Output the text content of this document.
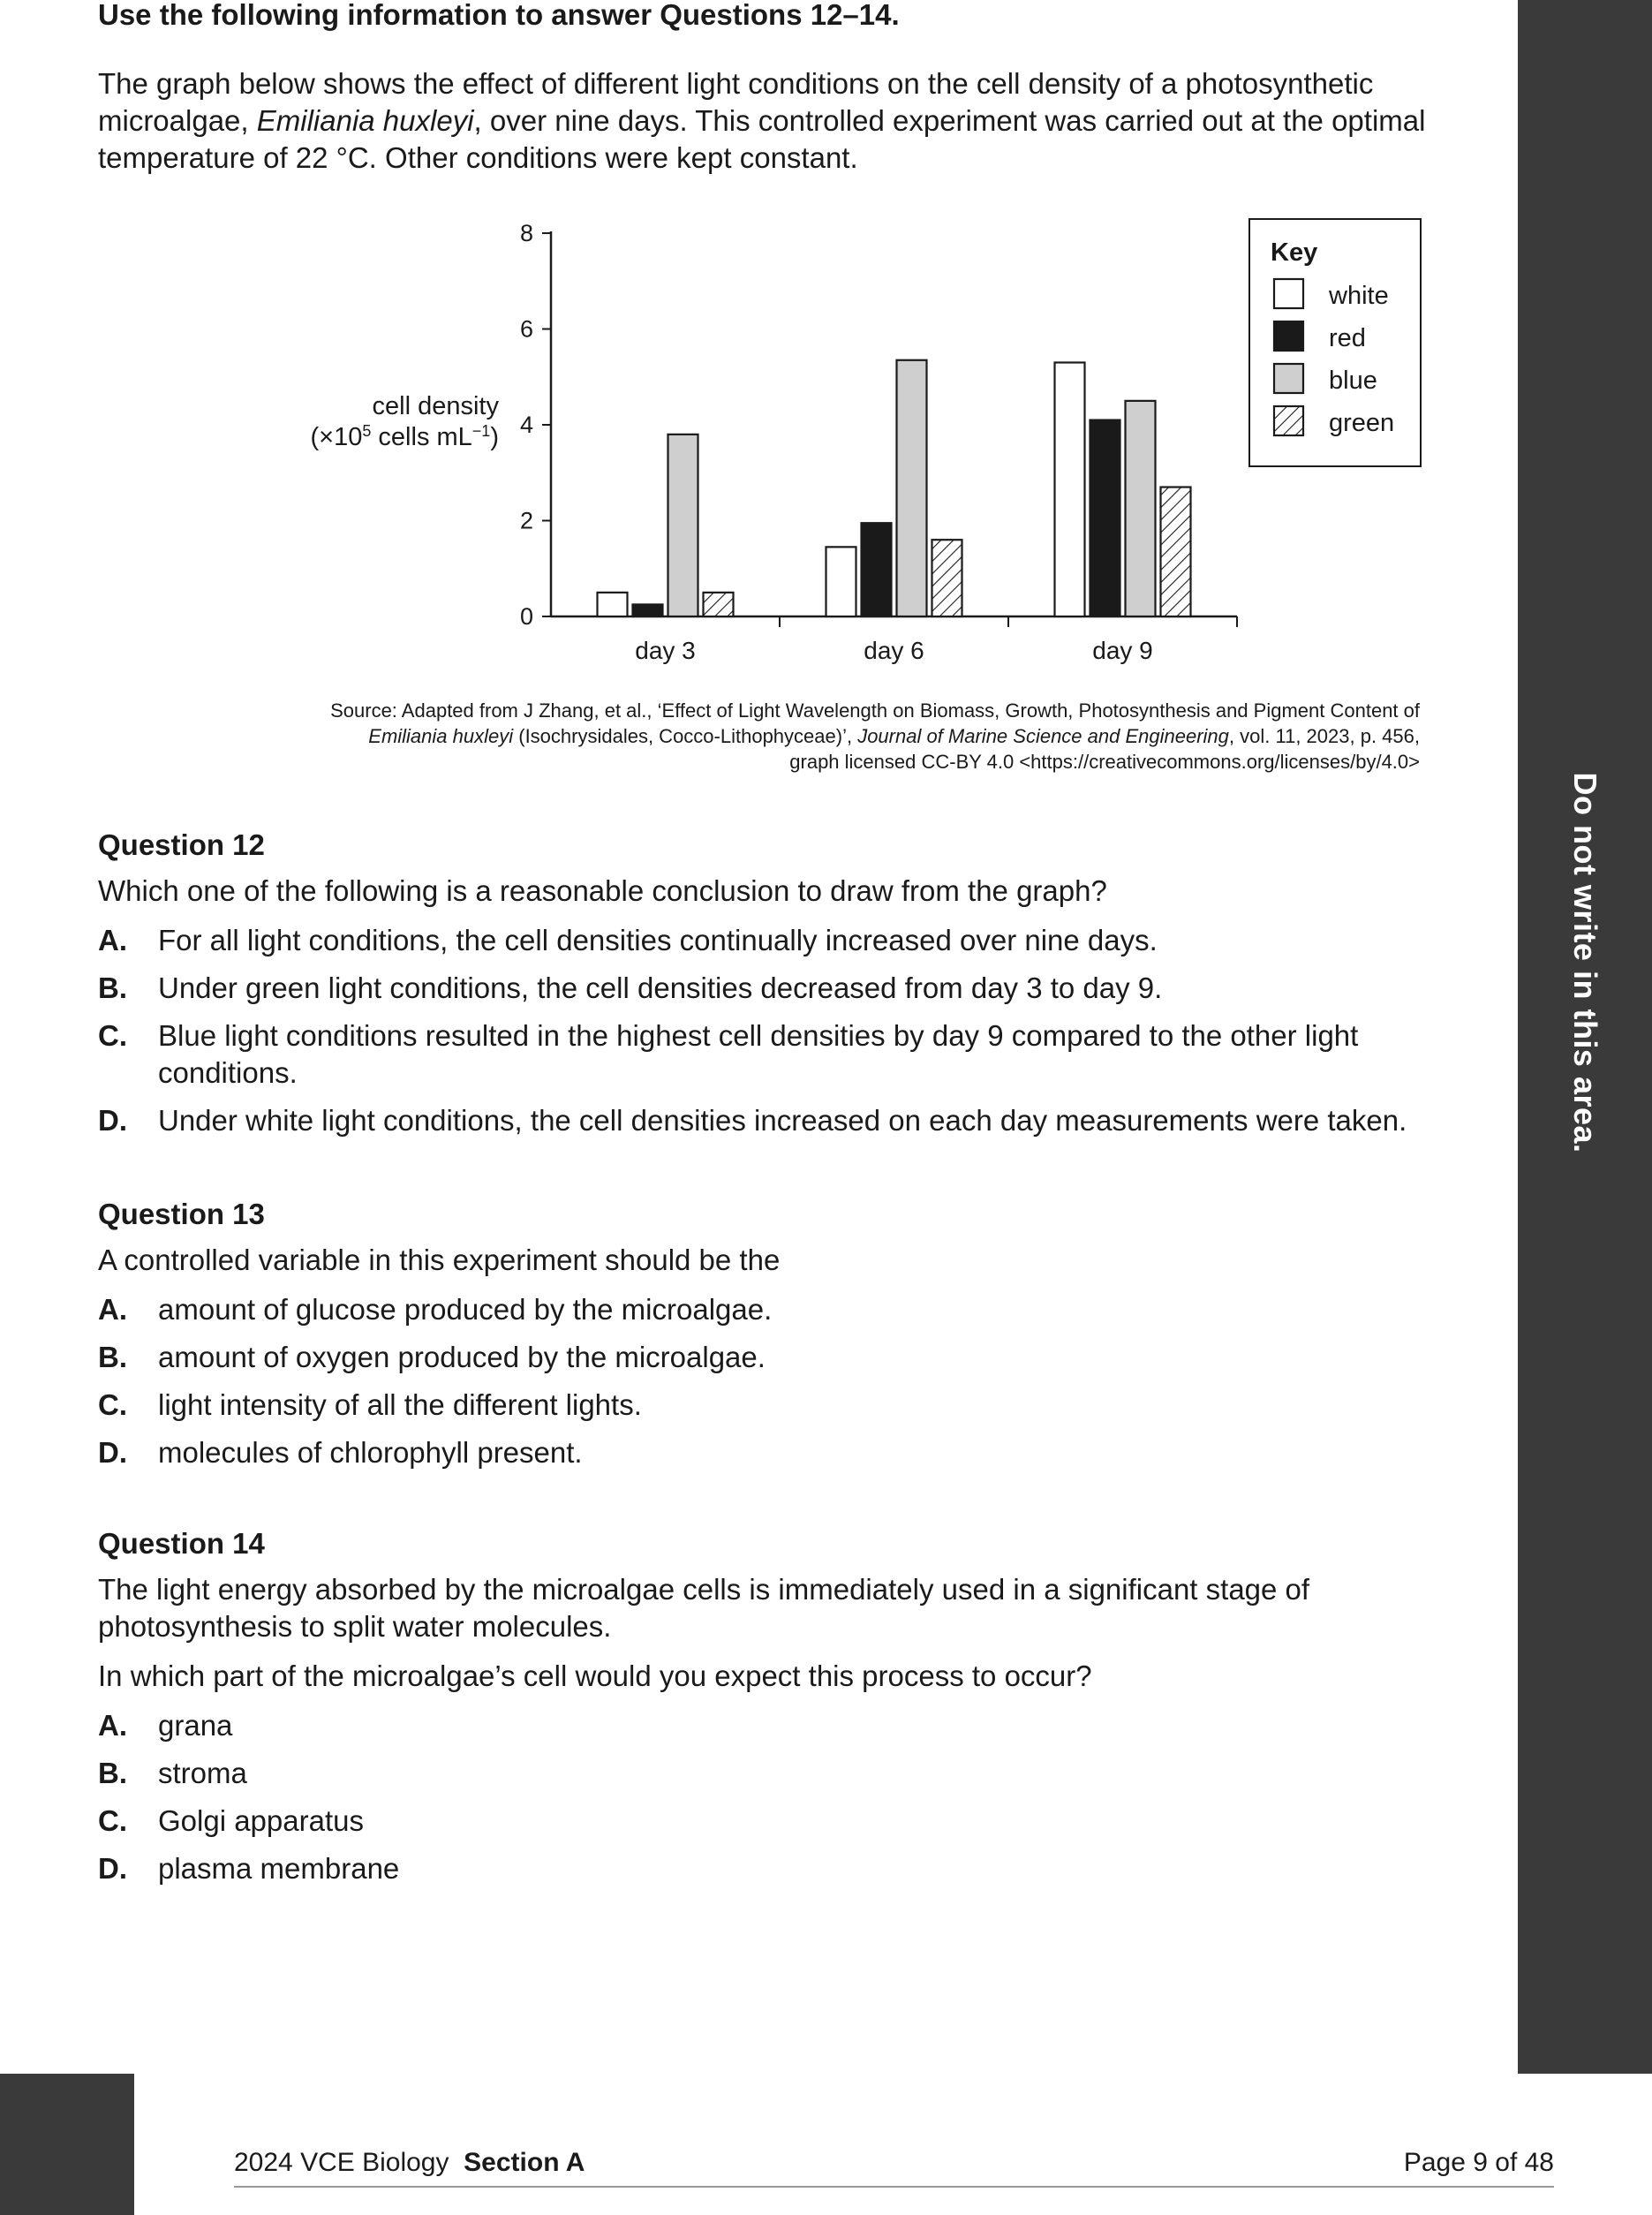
Do not write in this area.
Use the following information to answer Questions 12–14.
The graph below shows the effect of different light conditions on the cell density of a photosynthetic microalgae, Emiliania huxleyi, over nine days. This controlled experiment was carried out at the optimal temperature of 22 °C. Other conditions were kept constant.
0
2
4
6
8
cell density
($\times 10^5$ cells $mL^{-1}$)
day 3	day 6	day 9
Key
white
red
blue
green
Source: Adapted from J Zhang, et al., ‘Effect of Light Wavelength on Biomass, Growth, Photosynthesis and Pigment Content of
Emiliania huxleyi (Isochrysidales, Cocco-Lithophyceae)’, Journal of Marine Science and Engineering, vol. 11, 2023, p. 456,
graph licensed CC-BY 4.0 <https://creativecommons.org/licenses/by/4.0>
Question 12
Which one of the following is a reasonable conclusion to draw from the graph?
A.	For all light conditions, the cell densities continually increased over nine days.
B.	Under green light conditions, the cell densities decreased from day 3 to day 9.
C.	Blue light conditions resulted in the highest cell densities by day 9 compared to the other light conditions.
D.	Under white light conditions, the cell densities increased on each day measurements were taken.
Question 13
A controlled variable in this experiment should be the
A.	amount of glucose produced by the microalgae.
B.	amount of oxygen produced by the microalgae.
C.	light intensity of all the different lights.
D.	molecules of chlorophyll present.
Question 14
The light energy absorbed by the microalgae cells is immediately used in a significant stage of photosynthesis to split water molecules.
In which part of the microalgae’s cell would you expect this process to occur?
A.	grana
B.	stroma
C.	Golgi apparatus
D.	plasma membrane
2024 VCE Biology Section A	Page 9 of 48
